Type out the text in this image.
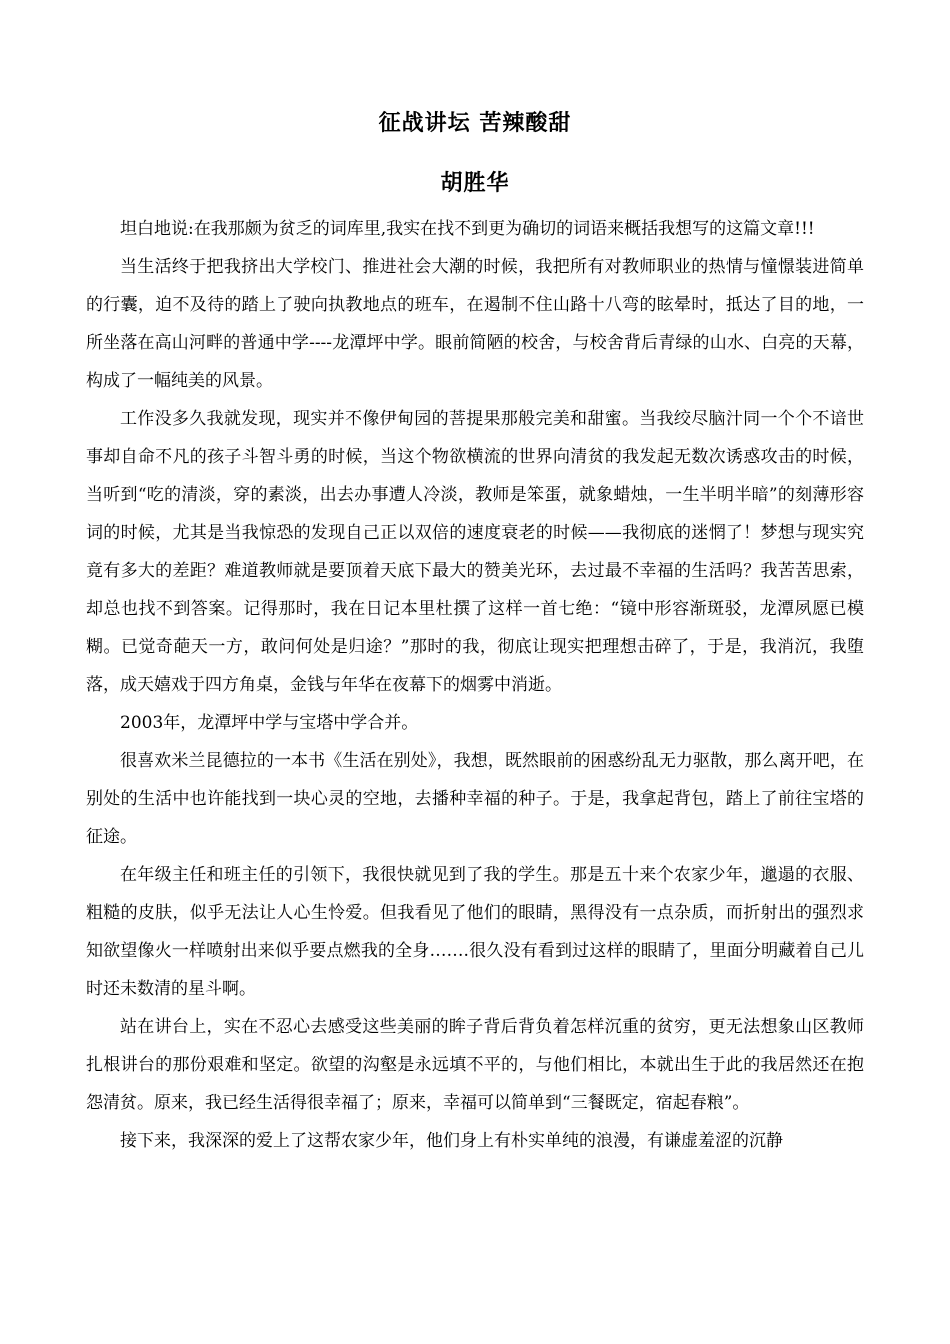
征战讲坛 苦辣酸甜
胡胜华

坦白地说:在我那颇为贫乏的词库里,我实在找不到更为确切的词语来概括我想写的这篇文章!!!

当生活终于把我挤出大学校门、推进社会大潮的时候，我把所有对教师职业的热情与憧憬装进简单的行囊，迫不及待的踏上了驶向执教地点的班车，在遏制不住山路十八弯的眩晕时，抵达了目的地，一所坐落在高山河畔的普通中学----龙潭坪中学。眼前简陋的校舍，与校舍背后青绿的山水、白亮的天幕，构成了一幅纯美的风景。

工作没多久我就发现，现实并不像伊甸园的菩提果那般完美和甜蜜。当我绞尽脑汁同一个个不谙世事却自命不凡的孩子斗智斗勇的时候，当这个物欲横流的世界向清贫的我发起无数次诱惑攻击的时候，当听到“吃的清淡，穿的素淡，出去办事遭人冷淡，教师是笨蛋，就象蜡烛，一生半明半暗”的刻薄形容词的时候，尤其是当我惊恐的发现自己正以双倍的速度衰老的时候——我彻底的迷惘了！梦想与现实究竟有多大的差距？难道教师就是要顶着天底下最大的赞美光环，去过最不幸福的生活吗？我苦苦思索，却总也找不到答案。记得那时，我在日记本里杜撰了这样一首七绝：“镜中形容渐斑驳，龙潭夙愿已模糊。已觉奇葩天一方，敢问何处是归途？”那时的我，彻底让现实把理想击碎了，于是，我消沉，我堕落，成天嬉戏于四方角桌，金钱与年华在夜幕下的烟雾中消逝。

2003年，龙潭坪中学与宝塔中学合并。

很喜欢米兰昆德拉的一本书《生活在别处》，我想，既然眼前的困惑纷乱无力驱散，那么离开吧，在别处的生活中也许能找到一块心灵的空地，去播种幸福的种子。于是，我拿起背包，踏上了前往宝塔的征途。

在年级主任和班主任的引领下，我很快就见到了我的学生。那是五十来个农家少年，邋遢的衣服、粗糙的皮肤，似乎无法让人心生怜爱。但我看见了他们的眼睛，黑得没有一点杂质，而折射出的强烈求知欲望像火一样喷射出来似乎要点燃我的全身…….很久没有看到过这样的眼睛了，里面分明藏着自己儿时还未数清的星斗啊。

站在讲台上，实在不忍心去感受这些美丽的眸子背后背负着怎样沉重的贫穷，更无法想象山区教师扎根讲台的那份艰难和坚定。欲望的沟壑是永远填不平的，与他们相比，本就出生于此的我居然还在抱怨清贫。原来，我已经生活得很幸福了；原来，幸福可以简单到“三餐既定，宿起春粮”。

接下来，我深深的爱上了这帮农家少年，他们身上有朴实单纯的浪漫，有谦虚羞涩的沉静
